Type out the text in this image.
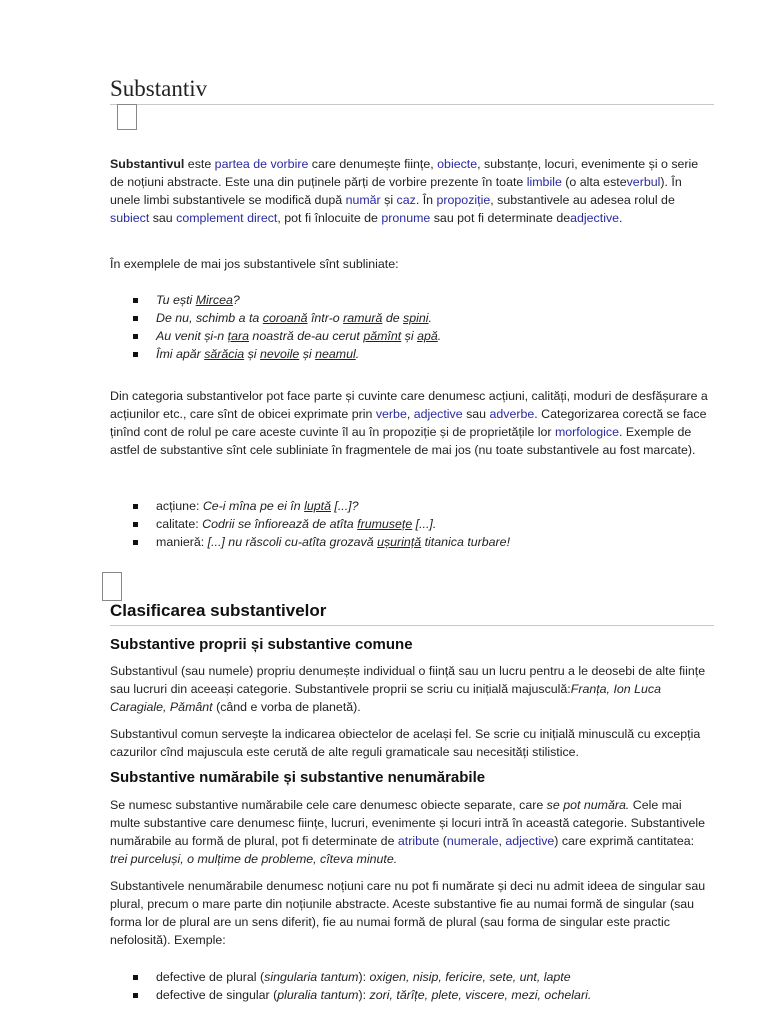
Substantiv

Substantivul este partea de vorbire care denumește ființe, obiecte, substanțe, locuri, evenimente și o serie de noțiuni abstracte. Este una din puținele părți de vorbire prezente în toate limbile (o alta esteverbul). În unele limbi substantivele se modifică după număr și caz. În propoziție, substantivele au adesea rolul de subiect sau complement direct, pot fi înlocuite de pronume sau pot fi determinate deadjective.

În exemplele de mai jos substantivele sînt subliniate:

Tu ești Mircea?
De nu, schimb a ta coroană într-o ramură de spini.
Au venit și-n țara noastră de-au cerut pămînt și apă.
Îmi apăr sărăcia și nevoile și neamul.

Din categoria substantivelor pot face parte și cuvinte care denumesc acțiuni, calități, moduri de desfășurare a acțiunilor etc., care sînt de obicei exprimate prin verbe, adjective sau adverbe. Categorizarea corectă se face ținînd cont de rolul pe care aceste cuvinte îl au în propoziție și de proprietățile lor morfologice. Exemple de astfel de substantive sînt cele subliniate în fragmentele de mai jos (nu toate substantivele au fost marcate).

acțiune: Ce-i mîna pe ei în luptă [...]?
calitate: Codrii se înfiorează de atîta frumusețe [...].
manieră: [...] nu răscoli cu-atîta grozavă ușurință titanica turbare!
Clasificarea substantivelor
Substantive proprii și substantive comune

Substantivul (sau numele) propriu denumește individual o ființă sau un lucru pentru a le deosebi de alte ființe sau lucruri din aceeași categorie. Substantivele proprii se scriu cu inițială majusculă:Franța, Ion Luca Caragiale, Pământ (când e vorba de planetă).

Substantivul comun servește la indicarea obiectelor de același fel. Se scrie cu inițială minusculă cu excepția cazurilor cînd majuscula este cerută de alte reguli gramaticale sau necesități stilistice.

Substantive numărabile și substantive nenumărabile

Se numesc substantive numărabile cele care denumesc obiecte separate, care se pot număra. Cele mai multe substantive care denumesc ființe, lucruri, evenimente și locuri intră în această categorie. Substantivele numărabile au formă de plural, pot fi determinate de atribute (numerale, adjective) care exprimă cantitatea: trei purceluși, o mulțime de probleme, cîteva minute.

Substantivele nenumărabile denumesc noțiuni care nu pot fi numărate și deci nu admit ideea de singular sau plural, precum o mare parte din noțiunile abstracte. Aceste substantive fie au numai formă de singular (sau forma lor de plural are un sens diferit), fie au numai formă de plural (sau forma de singular este practic nefolosită). Exemple:

defective de plural (singularia tantum): oxigen, nisip, fericire, sete, unt, lapte
defective de singular (pluralia tantum): zori, tărîțe, plete, viscere, mezi, ochelari.
